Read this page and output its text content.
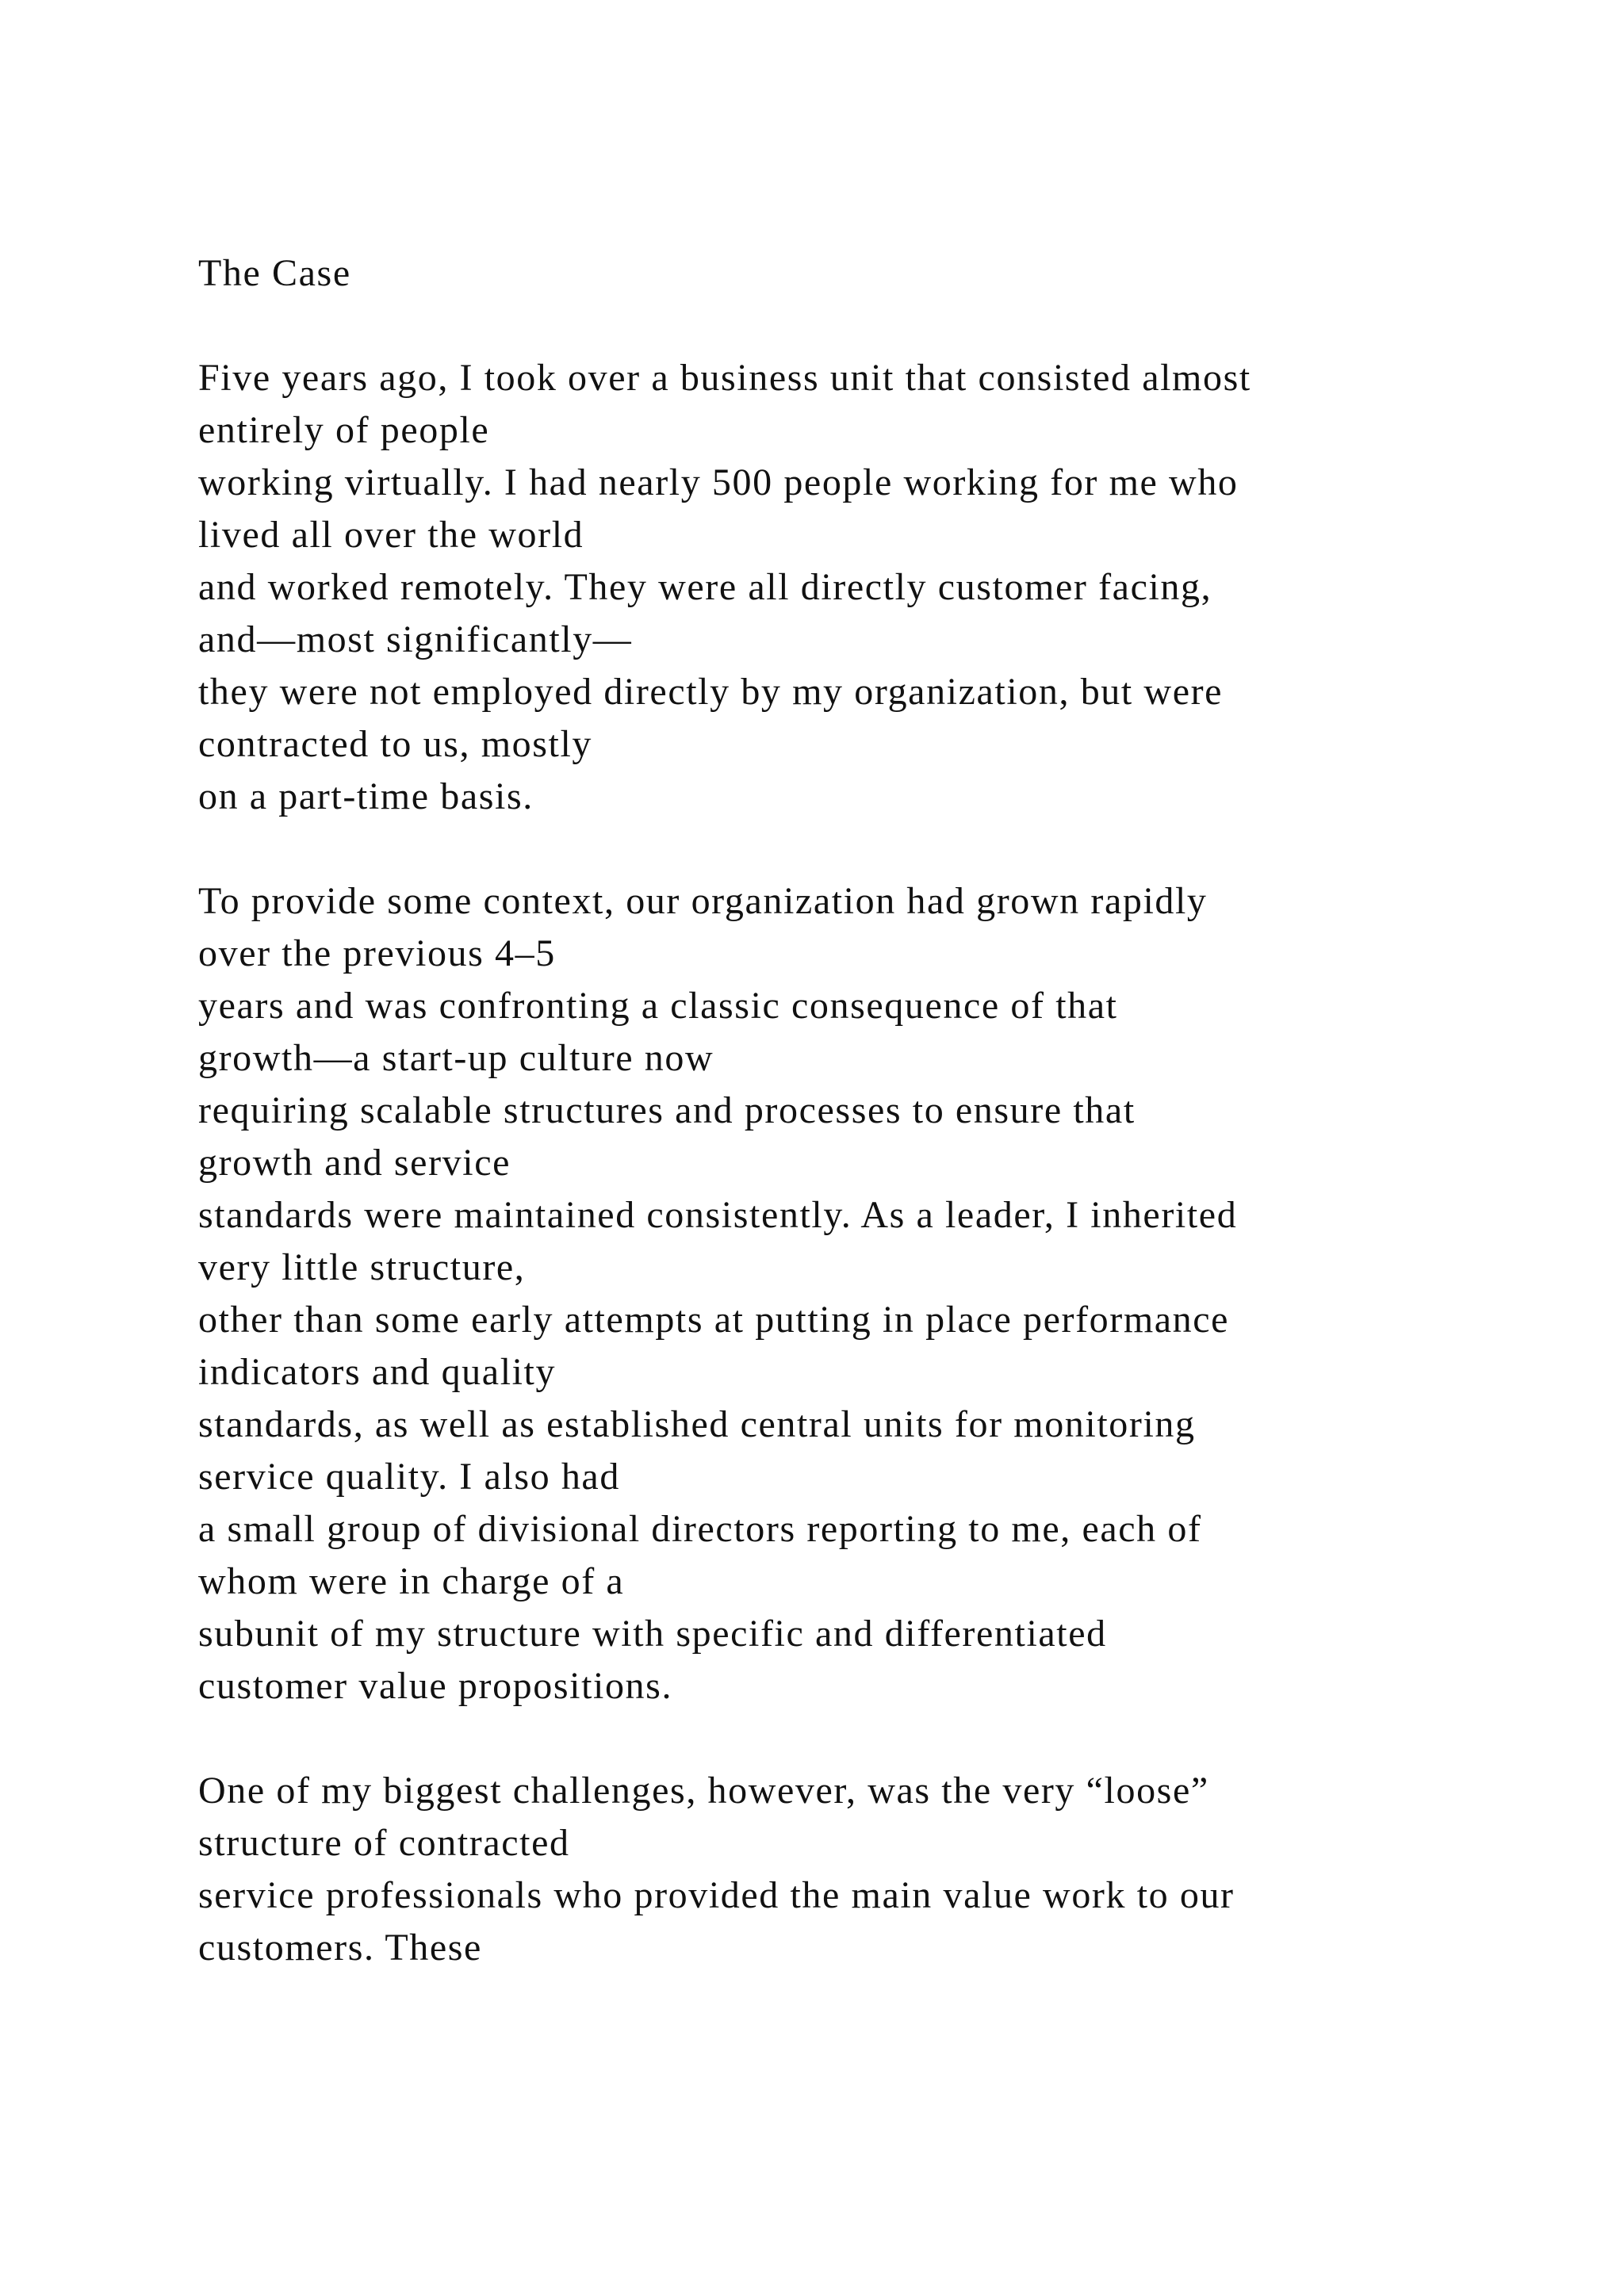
The Case
Five years ago, I took over a business unit that consisted almost
entirely of people
working virtually. I had nearly 500 people working for me who
lived all over the world
and worked remotely. They were all directly customer facing,
and—most significantly—
they were not employed directly by my organization, but were
contracted to us, mostly
on a part-time basis.
To provide some context, our organization had grown rapidly
over the previous 4–5
years and was confronting a classic consequence of that
growth—a start-up culture now
requiring scalable structures and processes to ensure that
growth and service
standards were maintained consistently. As a leader, I inherited
very little structure,
other than some early attempts at putting in place performance
indicators and quality
standards, as well as established central units for monitoring
service quality. I also had
a small group of divisional directors reporting to me, each of
whom were in charge of a
subunit of my structure with specific and differentiated
customer value propositions.
One of my biggest challenges, however, was the very “loose”
structure of contracted
service professionals who provided the main value work to our
customers. These
